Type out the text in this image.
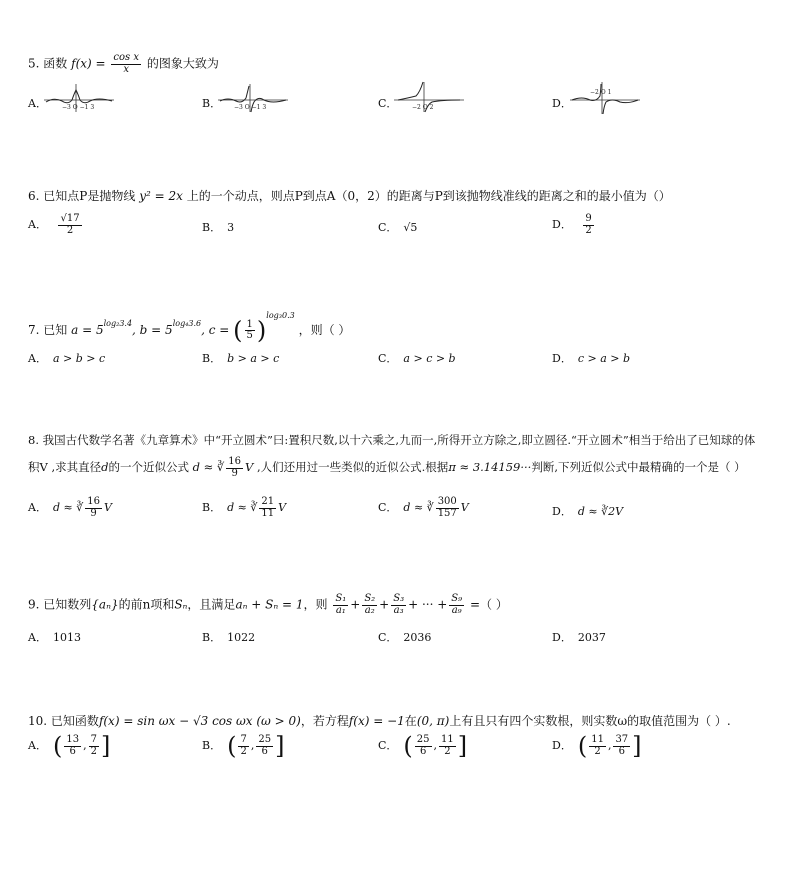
5. 函数 $f(x) = \frac{\text{cos x}}{x}$ 的图象大致为
A．	B．	C．	D．
−3 O −1 3	−3 O −1 3	−2 O 2
−2 O 1
6. 已知点P是抛物线 y² = 2x 上的一个动点，则点P到点A（0，2）的距离与P到该抛物线准线的距离之和的最小值为（）
A． $\frac{√17}{2}$	B． 3	C． √5	D． $\frac{9}{2}$
7. 已知 $a = 5^{log_23.4}$, $b = 5^{log_43.6}$, c = ( $\frac{1}{5} )^{log_30.3}$ ，则（ ）
A． a > b > c	B． b > a > c	C． a > c > b	D． c > a > b
8. 我国古代数学名著《九章算术》中“开立圆术”曰:置积尺数,以十六乘之,九而一,所得开立方除之,即立圆径.“开立圆术”相当于给出了已知球的体
积V ,求其直径d的一个近似公式 d ≈ ∛ $\frac{16}{9}$ V ,人们还用过一些类似的近似公式.根据π ≈ 3.14159···判断,下列近似公式中最精确的一个是（ ）
A． d ≈ ∛ $\frac{16}{9}$ V	B． d ≈ ∛ $\frac{21}{11}$ V	C． d ≈ ∛ $\frac{300}{157}$ V	D． d ≈ ∛2V
9. 已知数列{aₙ}的前n项和Sₙ，且满足aₙ + Sₙ = 1，则 $\frac{\text{S₁}}{\text{a₁}} + \frac{\text{S₂}}{\text{a₂}} + \frac{\text{S₃}}{\text{a₃}}$ + ··· + $\frac{\text{S₉}}{\text{a₉}}$ =（ ）
A． 1013	B． 1022	C． 2036	D． 2037
10. 已知函数f(x) = sin ωx − √3 cos ωx (ω > 0)，若方程f(x) = −1在(0, π)上有且只有四个实数根，则实数ω的取值范围为（ ）.
A． ( $\frac{13}{6}$ , $\frac{7}{2}$ ]	B． ( $\frac{7}{2}$ , $\frac{25}{6}$ ]	C． ( $\frac{25}{6}$ , $\frac{11}{2}$ ]	D． ( $\frac{11}{2}$ , $\frac{37}{6}$ ]
